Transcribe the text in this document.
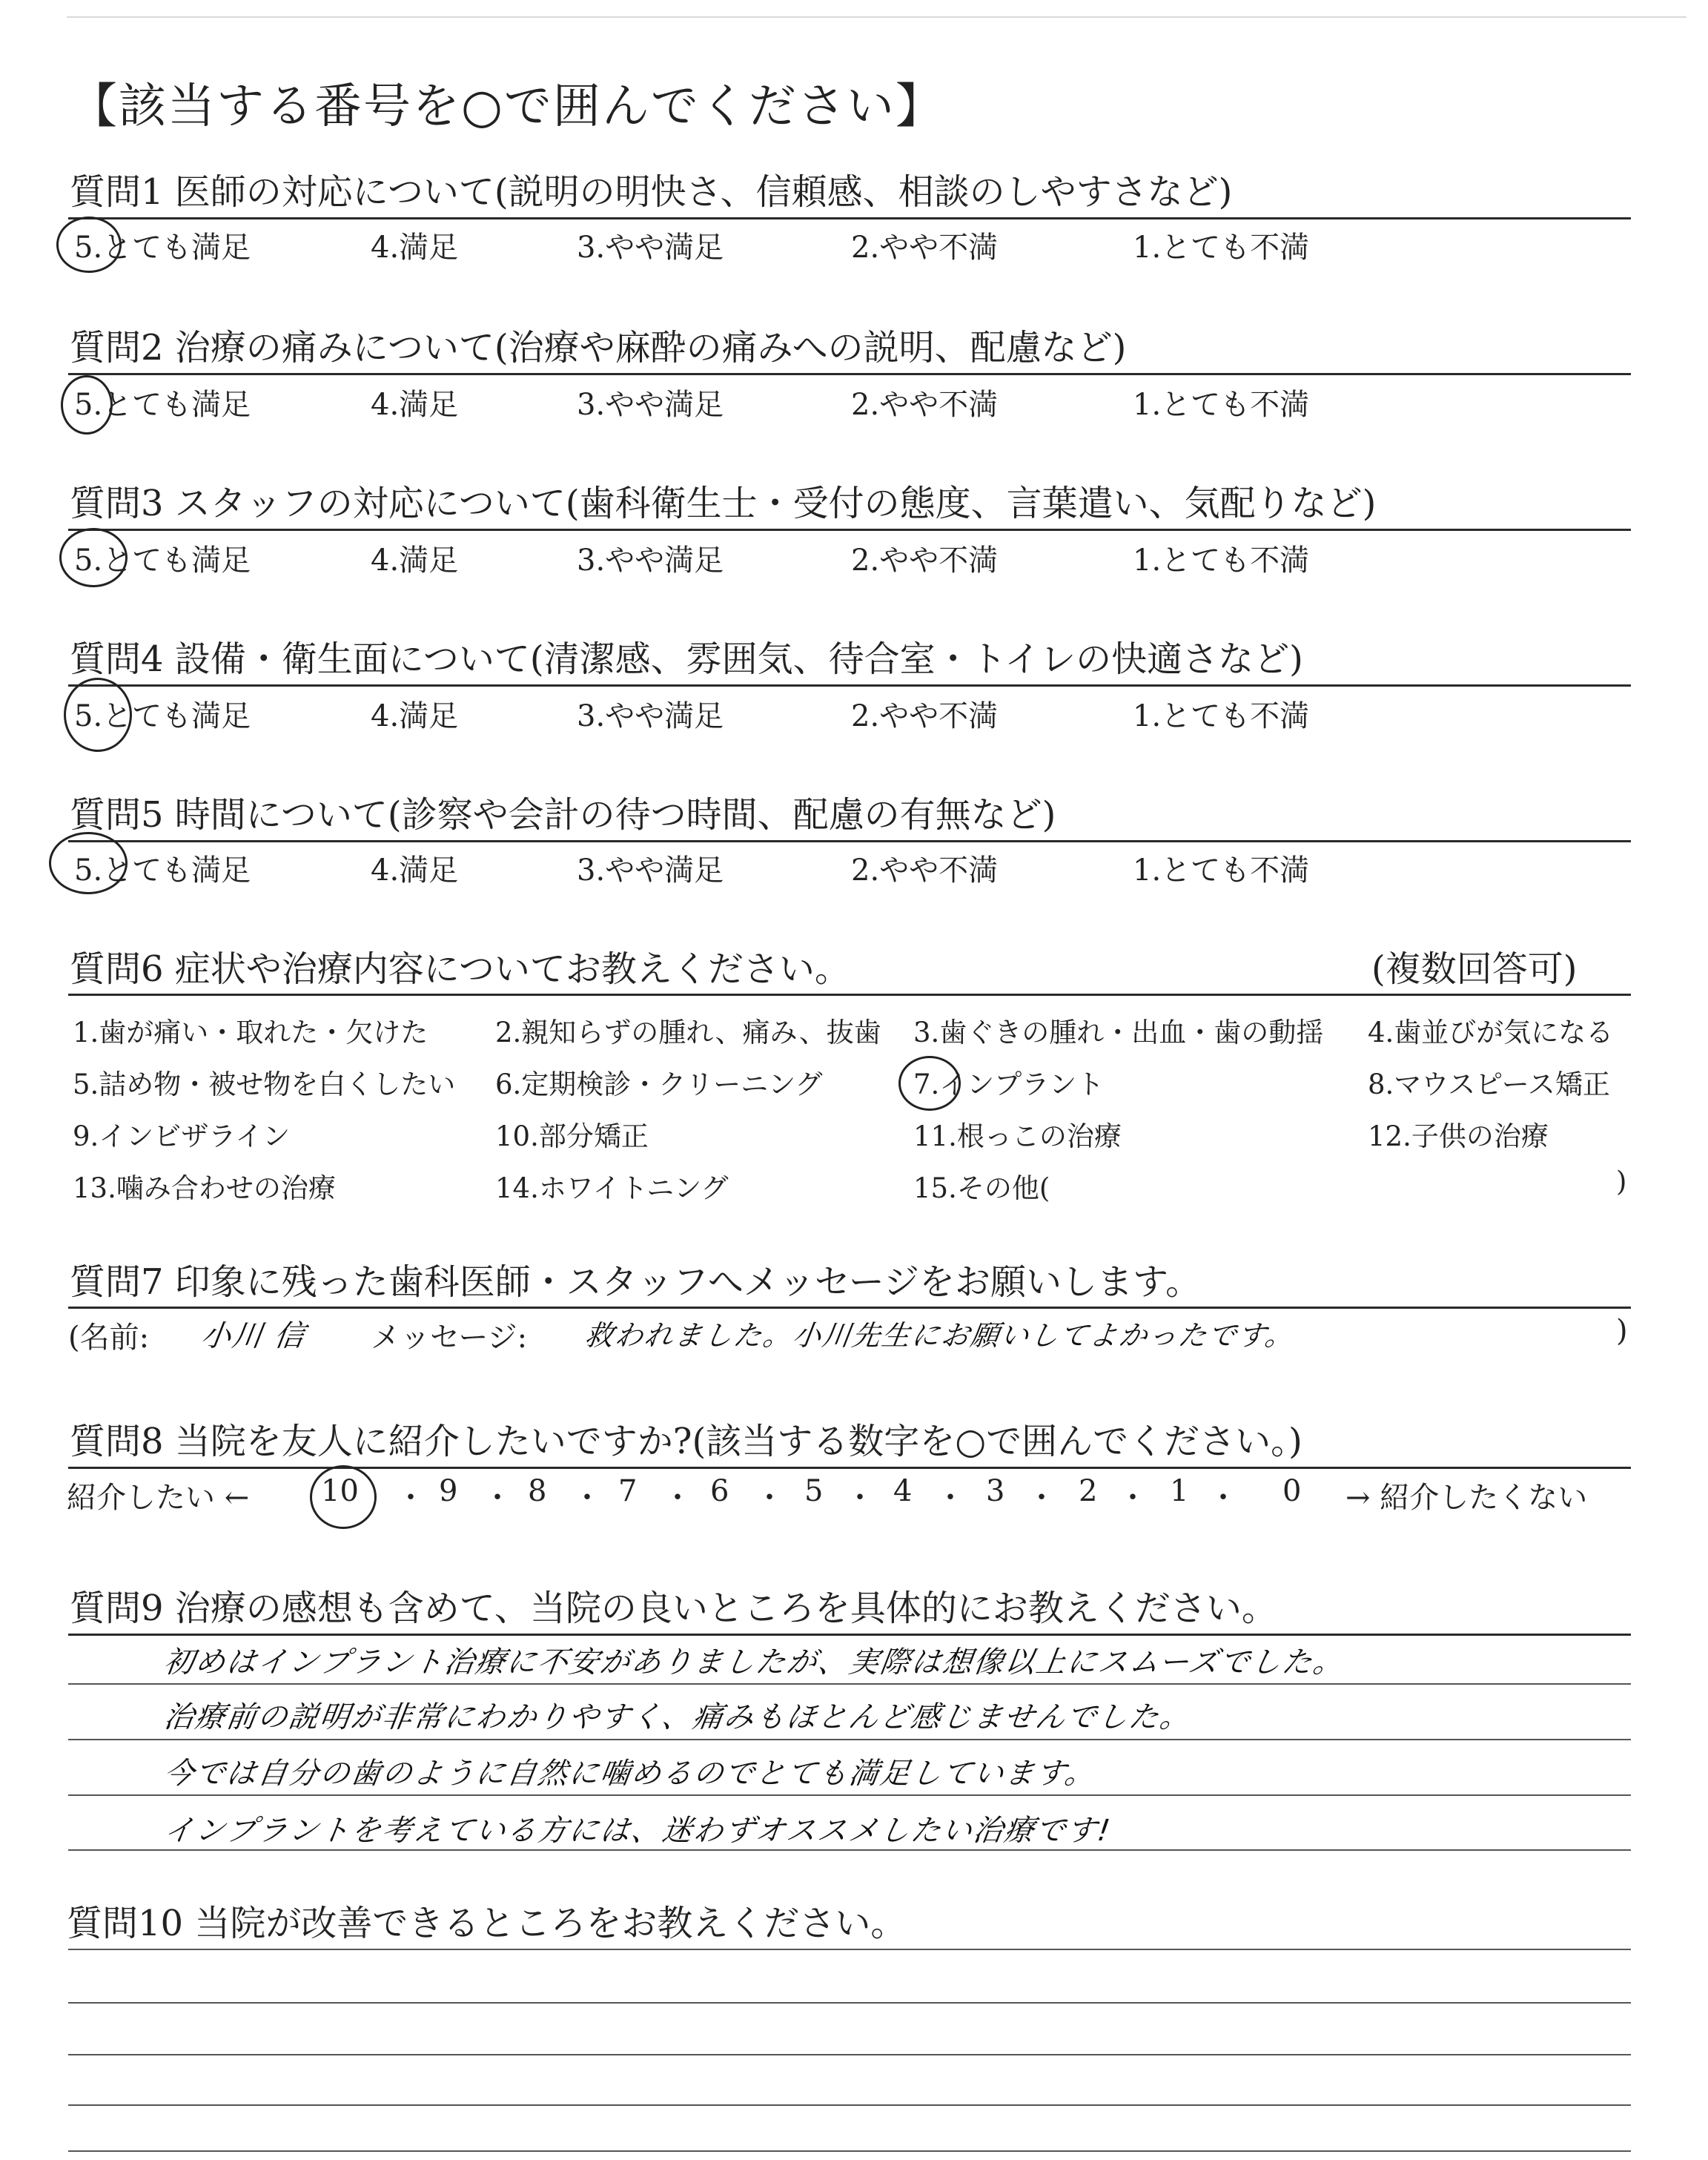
【該当する番号を○で囲んでください】
質問1 医師の対応について(説明の明快さ、信頼感、相談のしやすさなど)
5.とても満足	4.満足	3.やや満足	2.やや不満	1.とても不満
質問2 治療の痛みについて(治療や麻酔の痛みへの説明、配慮など)
5.とても満足	4.満足	3.やや満足	2.やや不満	1.とても不満
質問3 スタッフの対応について(歯科衛生士・受付の態度、言葉遣い、気配りなど)
5.とても満足	4.満足	3.やや満足	2.やや不満	1.とても不満
質問4 設備・衛生面について(清潔感、雰囲気、待合室・トイレの快適さなど)
5.とても満足	4.満足	3.やや満足	2.やや不満	1.とても不満
質問5 時間について(診察や会計の待つ時間、配慮の有無など)
5.とても満足	4.満足	3.やや満足	2.やや不満	1.とても不満
質問6 症状や治療内容についてお教えください。	(複数回答可)
1.歯が痛い・取れた・欠けた 2.親知らずの腫れ、痛み、抜歯 3.歯ぐきの腫れ・出血・歯の動揺 4.歯並びが気になる
5.詰め物・被せ物を白くしたい 6.定期検診・クリーニング	7.インプラント	8.マウスピース矯正
9.インビザライン	10.部分矯正	11.根っこの治療	12.子供の治療
13.噛み合わせの治療	14.ホワイトニング	15.その他(	)
質問7 印象に残った歯科医師・スタッフへメッセージをお願いします。
(名前: 小川 信 メッセージ: 救われました。小川先生にお願いしてよかったです。	)
質問8 当院を友人に紹介したいですか?(該当する数字を○で囲んでください。)
紹介したい ←	→ 紹介したくない
10 ・ 9 ・ 8 ・ 7 ・ 6 ・ 5 ・ 4 ・ 3 ・ 2 ・ 1 ・ 0
質問9 治療の感想も含めて、当院の良いところを具体的にお教えください。
初めはインプラント治療に不安がありましたが、実際は想像以上にスムーズでした。
治療前の説明が非常にわかりやすく、痛みもほとんど感じませんでした。
今では自分の歯のように自然に噛めるのでとても満足しています。
インプラントを考えている方には、迷わずオススメしたい治療です!
質問10 当院が改善できるところをお教えください。
